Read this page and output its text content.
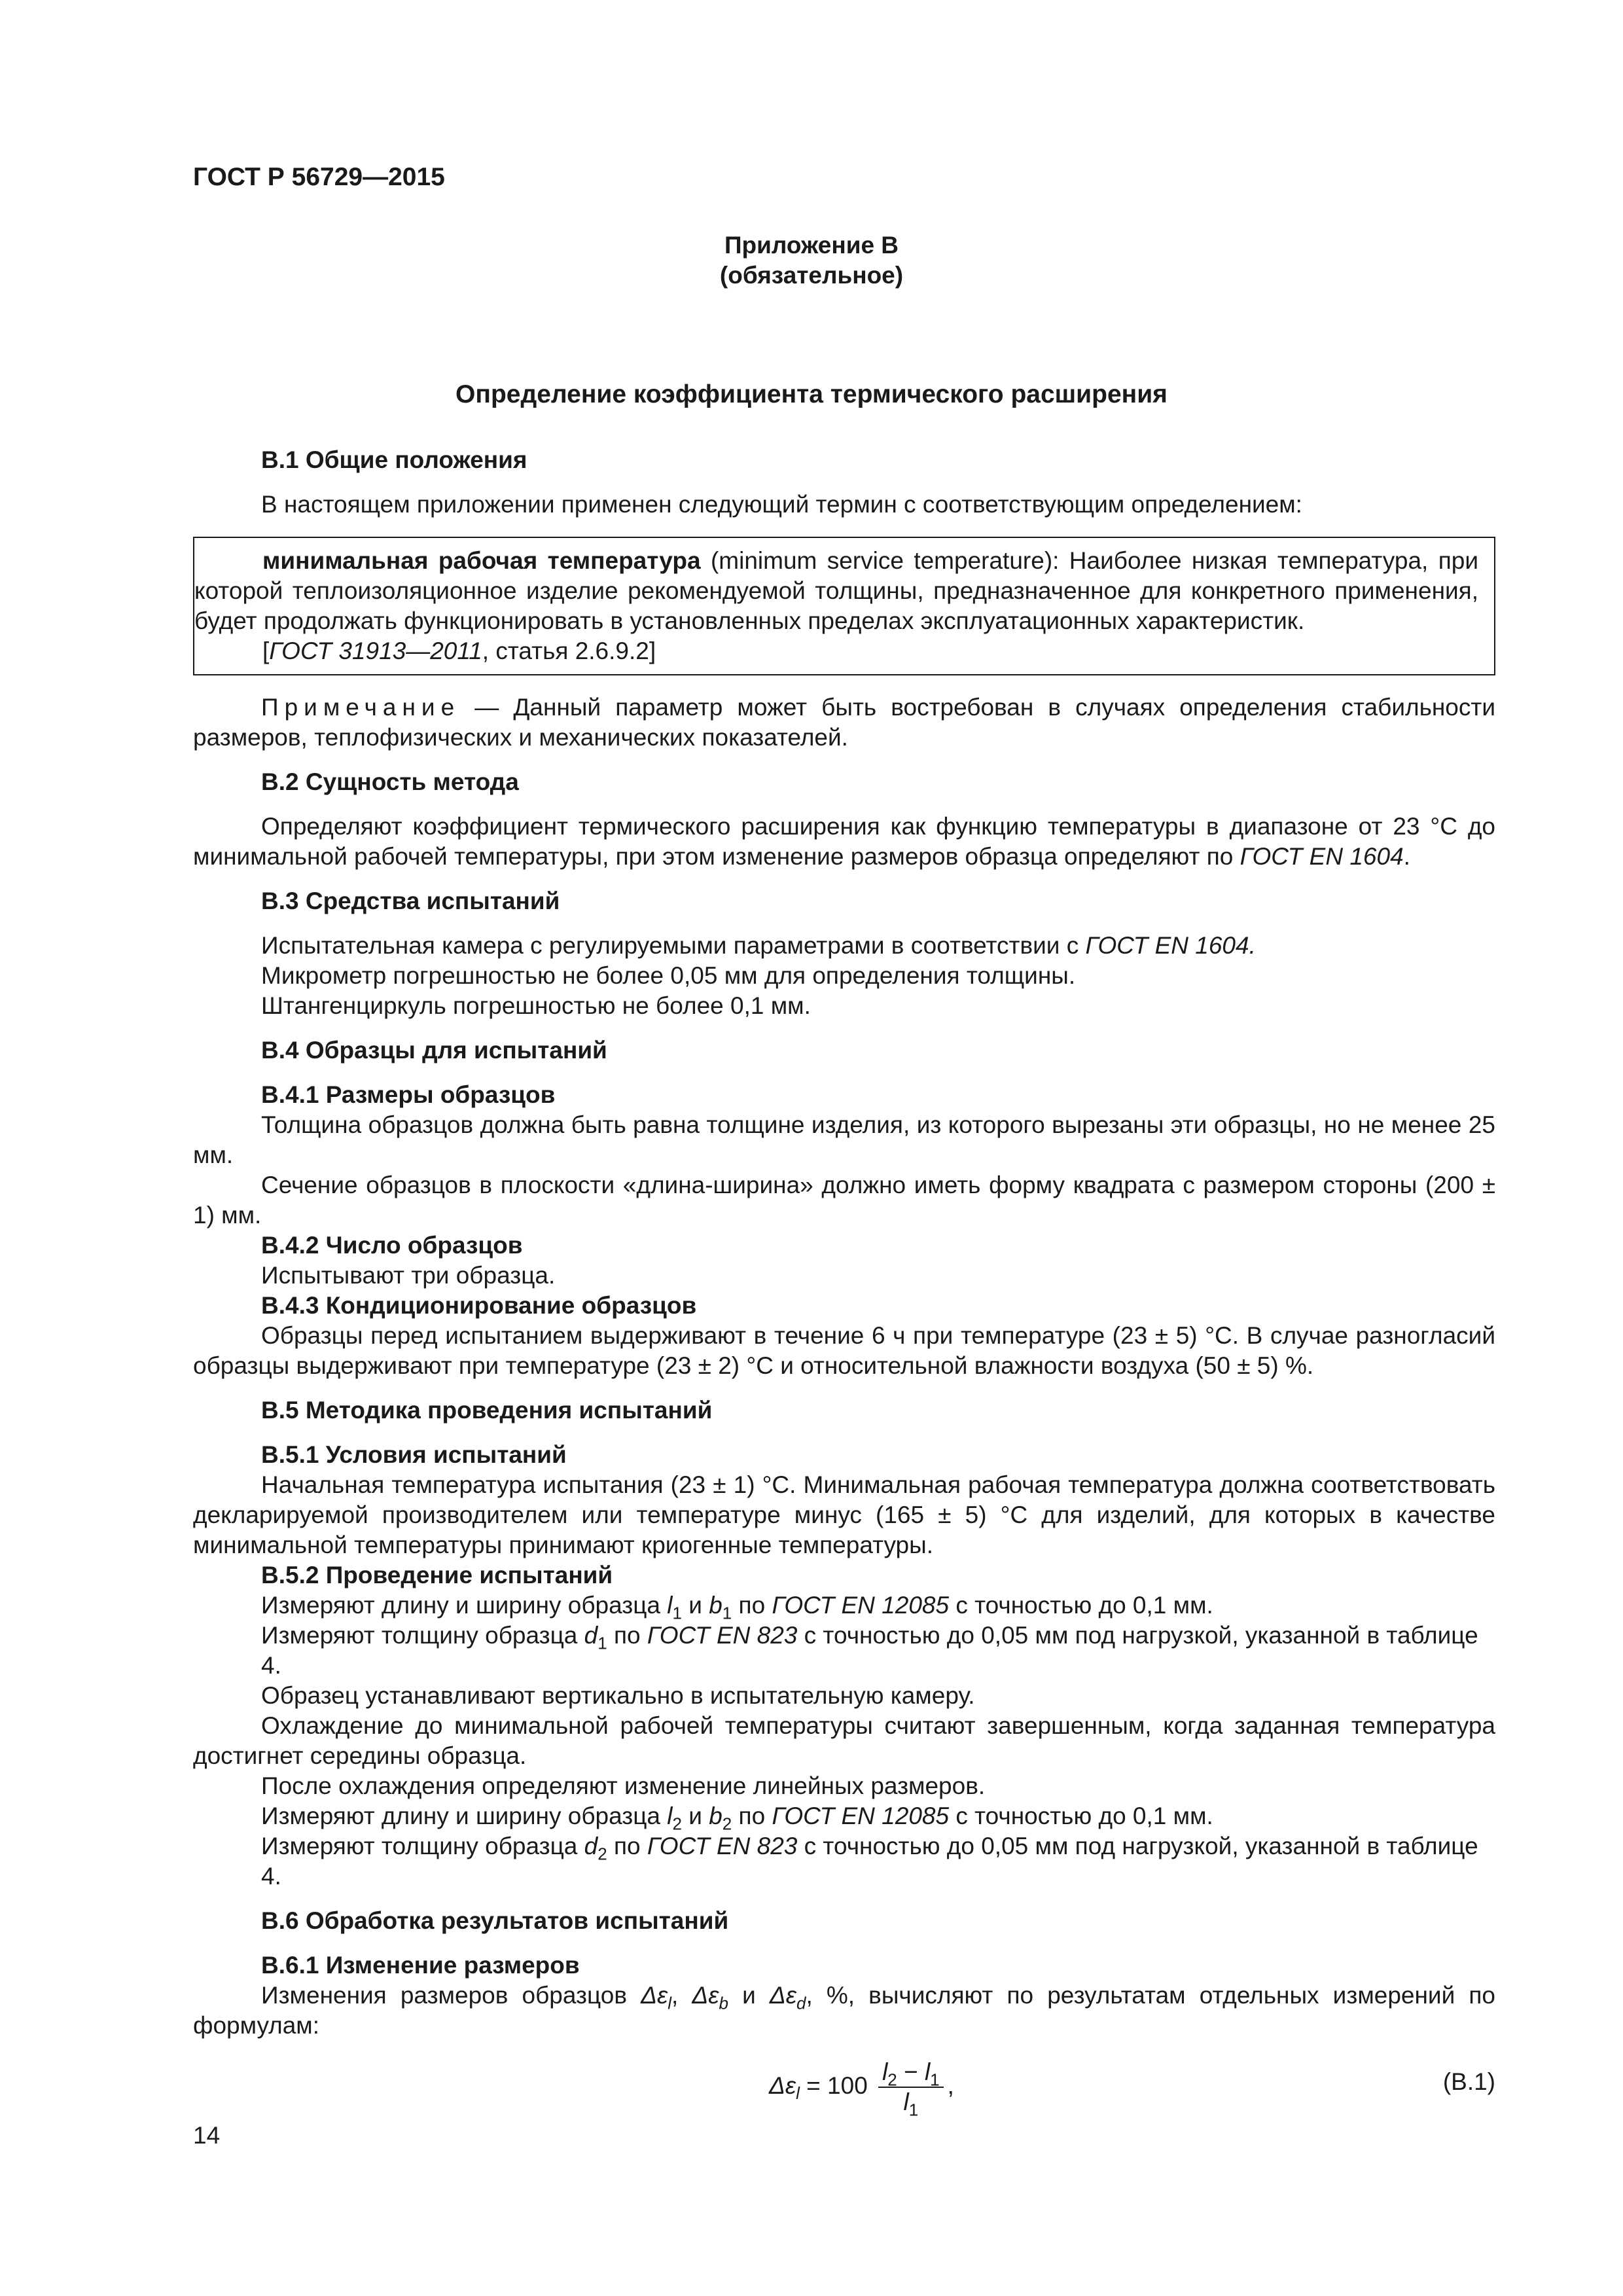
ГОСТ Р 56729—2015
Приложение В
(обязательное)
Определение коэффициента термического расширения

В.1 Общие положения

В настоящем приложении применен следующий термин с соответствующим определением:

минимальная рабочая температура (minimum service temperature): Наиболее низкая температура, при которой теплоизоляционное изделие рекомендуемой толщины, предназначенное для конкретного применения, будет продолжать функционировать в установленных пределах эксплуатационных характеристик.

[ГОСТ 31913—2011, статья 2.6.9.2]

Примечание — Данный параметр может быть востребован в случаях определения стабильности размеров, теплофизических и механических показателей.

В.2 Сущность метода

Определяют коэффициент термического расширения как функцию температуры в диапазоне от 23 °С до минимальной рабочей температуры, при этом изменение размеров образца определяют по ГОСТ EN 1604.

В.3 Средства испытаний

Испытательная камера с регулируемыми параметрами в соответствии с ГОСТ EN 1604.

Микрометр погрешностью не более 0,05 мм для определения толщины.

Штангенциркуль погрешностью не более 0,1 мм.

В.4 Образцы для испытаний

В.4.1 Размеры образцов

Толщина образцов должна быть равна толщине изделия, из которого вырезаны эти образцы, но не менее 25 мм.

Сечение образцов в плоскости «длина-ширина» должно иметь форму квадрата с размером стороны (200 ± 1) мм.

В.4.2 Число образцов

Испытывают три образца.

В.4.3 Кондиционирование образцов

Образцы перед испытанием выдерживают в течение 6 ч при температуре (23 ± 5) °С. В случае разногласий образцы выдерживают при температуре (23 ± 2) °С и относительной влажности воздуха (50 ± 5) %.

В.5 Методика проведения испытаний

В.5.1 Условия испытаний

Начальная температура испытания (23 ± 1) °С. Минимальная рабочая температура должна соответствовать декларируемой производителем или температуре минус (165 ± 5) °С для изделий, для которых в качестве минимальной температуры принимают криогенные температуры.

В.5.2 Проведение испытаний

Измеряют длину и ширину образца $l_1$ и $b_1$ по ГОСТ EN 12085 с точностью до 0,1 мм.

Измеряют толщину образца $d_1$ по ГОСТ EN 823 с точностью до 0,05 мм под нагрузкой, указанной в таблице 4.

Образец устанавливают вертикально в испытательную камеру.

Охлаждение до минимальной рабочей температуры считают завершенным, когда заданная температура достигнет середины образца.

После охлаждения определяют изменение линейных размеров.

Измеряют длину и ширину образца $l_2$ и $b_2$ по ГОСТ EN 12085 с точностью до 0,1 мм.

Измеряют толщину образца $d_2$ по ГОСТ EN 823 с точностью до 0,05 мм под нагрузкой, указанной в таблице 4.

В.6 Обработка результатов испытаний

В.6.1 Изменение размеров

Изменения размеров образцов $\Delta\varepsilon_l$, $\Delta\varepsilon_b$ и $\Delta\varepsilon_d$, %, вычисляют по результатам отдельных измерений по формулам:

$\Delta\varepsilon_l = 100 \frac{l_2 - l_1}{l_1}$ ,	(В.1)
14
